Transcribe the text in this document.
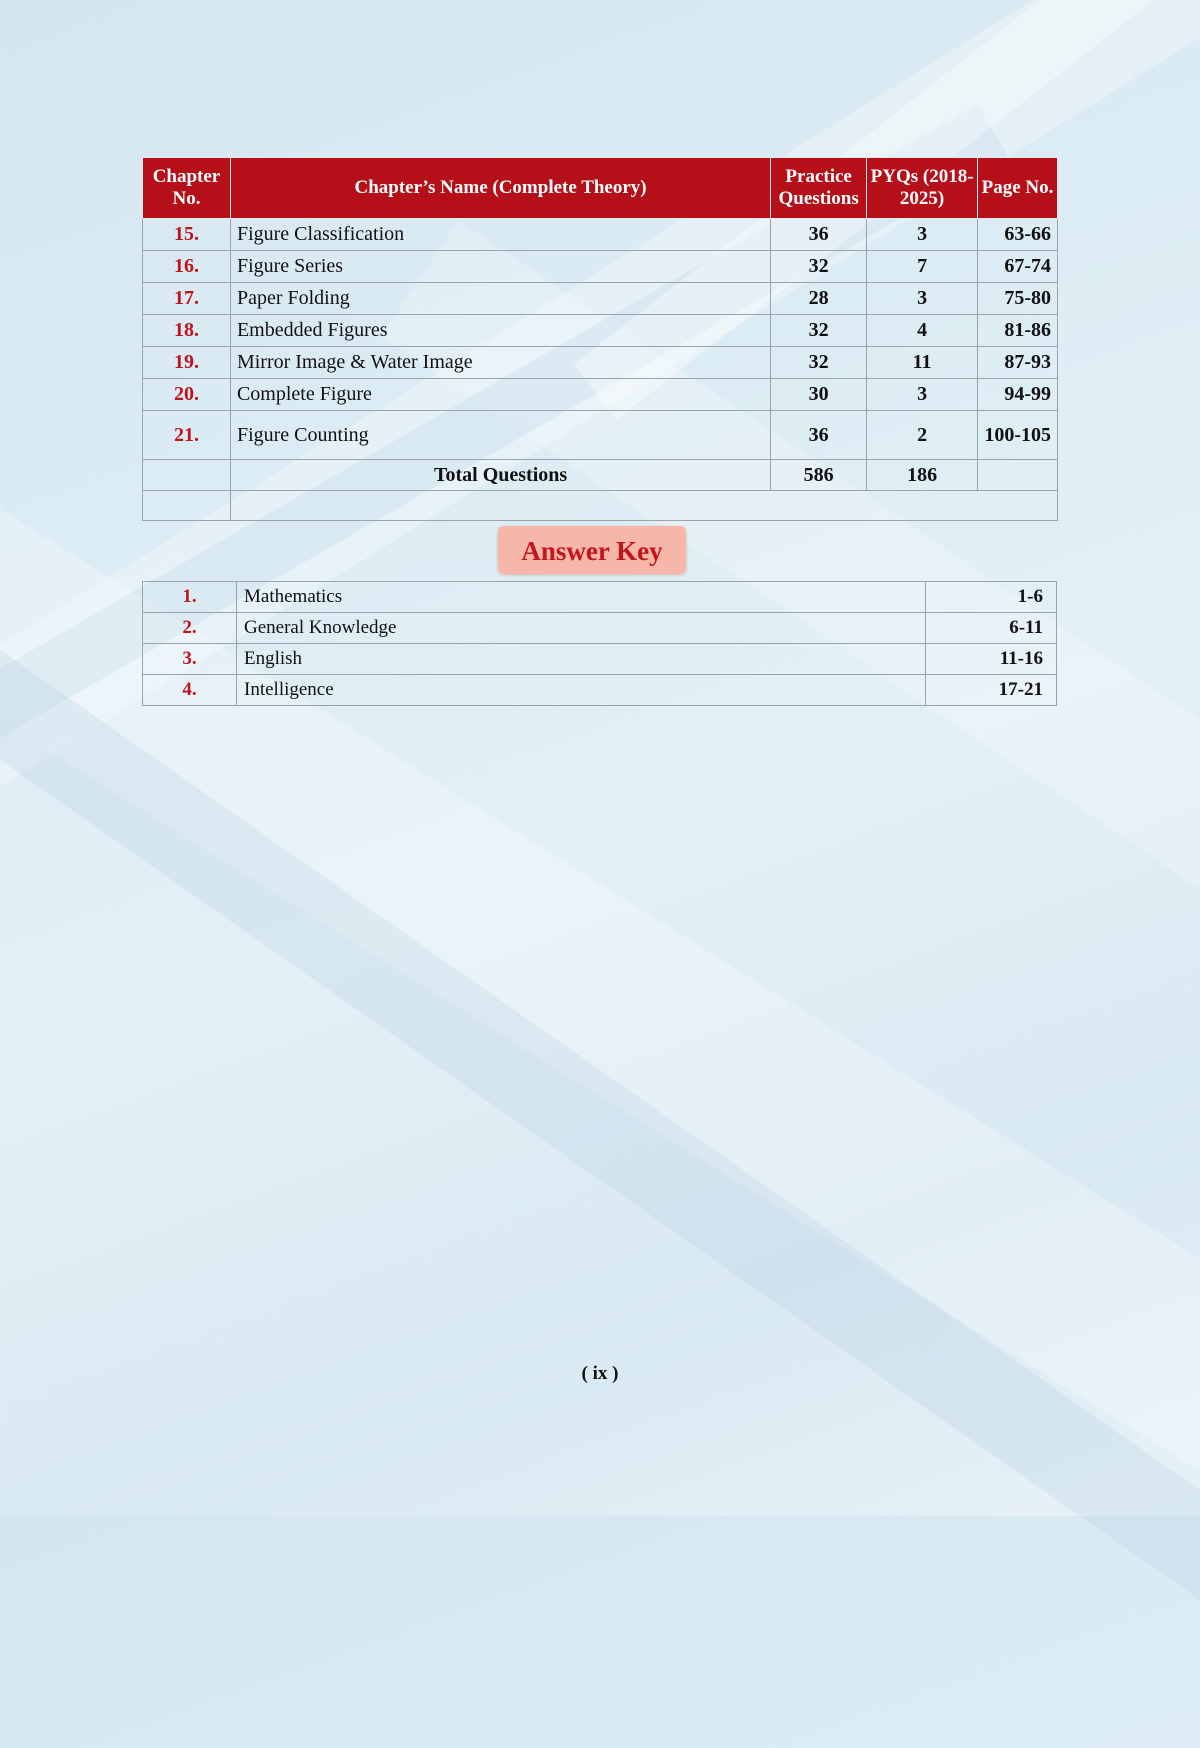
Chapter No.	Chapter’s Name (Complete Theory)	Practice Questions	PYQs (2018-2025)	Page No.
15.	Figure Classification	36	3	63-66
16.	Figure Series	32	7	67-74
17.	Paper Folding	28	3	75-80
18.	Embedded Figures	32	4	81-86
19.	Mirror Image & Water Image	32	11	87-93
20.	Complete Figure	30	3	94-99
21.	Figure Counting	36	2	100-105
	Total Questions	586	186	

Answer Key
1.	Mathematics	1-6
2.	General Knowledge	6-11
3.	English	11-16
4.	Intelligence	17-21
( ix )
